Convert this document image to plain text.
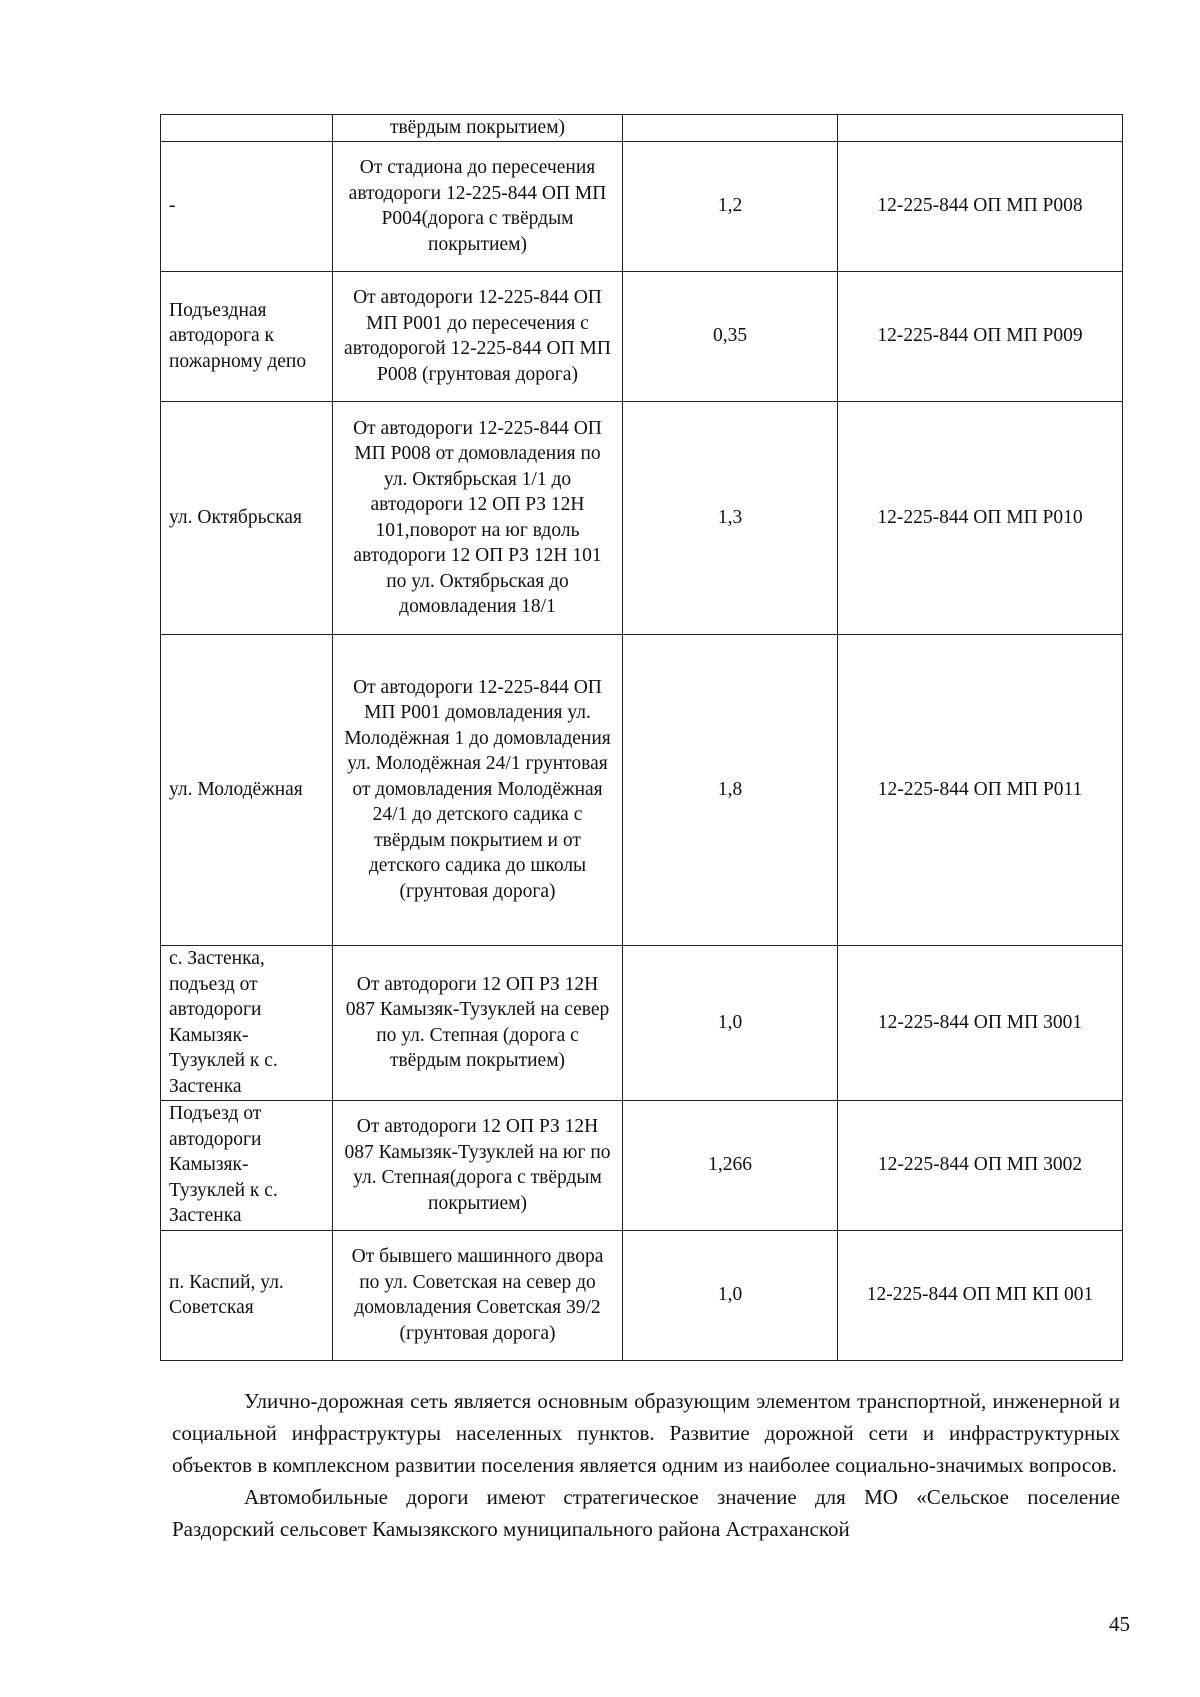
	твёрдым покрытием)		
-	От стадиона до пересечения автодороги 12-225-844 ОП МП Р004(дорога с твёрдым покрытием)	1,2	12-225-844 ОП МП Р008
Подъездная автодорога к пожарному депо	От автодороги 12-225-844 ОП МП Р001 до пересечения с автодорогой 12-225-844 ОП МП Р008 (грунтовая дорога)	0,35	12-225-844 ОП МП Р009
ул. Октябрьская	От автодороги 12-225-844 ОП МП Р008 от домовладения по ул. Октябрьская 1/1 до автодороги 12 ОП РЗ 12Н 101,поворот на юг вдоль автодороги 12 ОП РЗ 12Н 101 по ул. Октябрьская до домовладения 18/1	1,3	12-225-844 ОП МП Р010
ул. Молодёжная	От автодороги 12-225-844 ОП МП Р001 домовладения ул. Молодёжная 1 до домовладения ул. Молодёжная 24/1 грунтовая от домовладения Молодёжная 24/1 до детского садика с твёрдым покрытием и от детского садика до школы (грунтовая дорога)	1,8	12-225-844 ОП МП Р011
с. Застенка, подъезд от автодороги Камызяк-Тузуклей к с. Застенка	От автодороги 12 ОП РЗ 12Н 087 Камызяк-Тузуклей на север по ул. Степная (дорога с твёрдым покрытием)	1,0	12-225-844 ОП МП 3001
Подъезд от автодороги Камызяк-Тузуклей к с. Застенка	От автодороги 12 ОП РЗ 12Н 087 Камызяк-Тузуклей на юг по ул. Степная(дорога с твёрдым покрытием)	1,266	12-225-844 ОП МП 3002
п. Каспий, ул. Советская	От бывшего машинного двора по ул. Советская на север до домовладения Советская 39/2 (грунтовая дорога)	1,0	12-225-844 ОП МП КП 001

Улично-дорожная сеть является основным образующим элементом транспортной, инженерной и социальной инфраструктуры населенных пунктов. Развитие дорожной сети и инфраструктурных объектов в комплексном развитии поселения является одним из наиболее социально-значимых вопросов.

Автомобильные дороги имеют стратегическое значение для МО «Сельское поселение Раздорский сельсовет Камызякского муниципального района Астраханской

45
